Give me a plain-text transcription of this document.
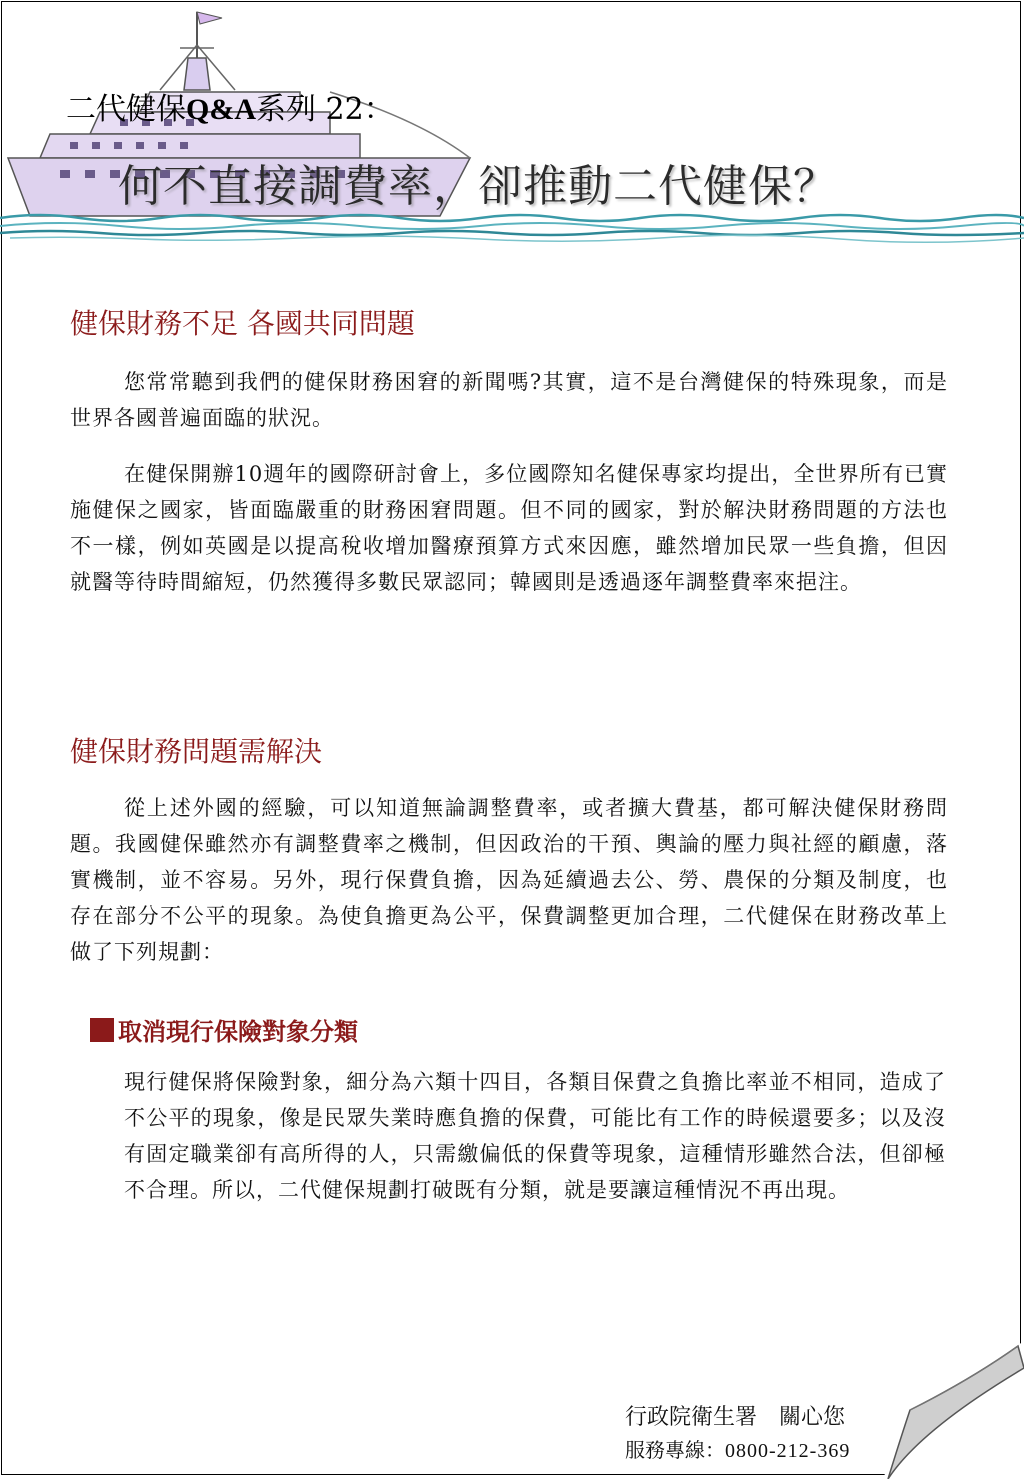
二代健保Q&A系列 22：
何不直接調費率，卻推動二代健保？
健保財務不足 各國共同問題

您常常聽到我們的健保財務困窘的新聞嗎?其實，這不是台灣健保的特殊現象，而是世界各國普遍面臨的狀況。

在健保開辦10週年的國際研討會上，多位國際知名健保專家均提出，全世界所有已實施健保之國家，皆面臨嚴重的財務困窘問題。但不同的國家，對於解決財務問題的方法也不一樣，例如英國是以提高稅收增加醫療預算方式來因應，雖然增加民眾一些負擔，但因就醫等待時間縮短，仍然獲得多數民眾認同；韓國則是透過逐年調整費率來挹注。

健保財務問題需解決

從上述外國的經驗，可以知道無論調整費率，或者擴大費基，都可解決健保財務問題。我國健保雖然亦有調整費率之機制，但因政治的干預、輿論的壓力與社經的顧慮，落實機制，並不容易。另外，現行保費負擔，因為延續過去公、勞、農保的分類及制度，也存在部分不公平的現象。為使負擔更為公平，保費調整更加合理，二代健保在財務改革上做了下列規劃：

取消現行保險對象分類

現行健保將保險對象，細分為六類十四目，各類目保費之負擔比率並不相同，造成了不公平的現象，像是民眾失業時應負擔的保費，可能比有工作的時候還要多；以及沒有固定職業卻有高所得的人，只需繳偏低的保費等現象，這種情形雖然合法，但卻極不合理。所以，二代健保規劃打破既有分類，就是要讓這種情況不再出現。

行政院衛生署　關心您
服務專線：0800-212-369
